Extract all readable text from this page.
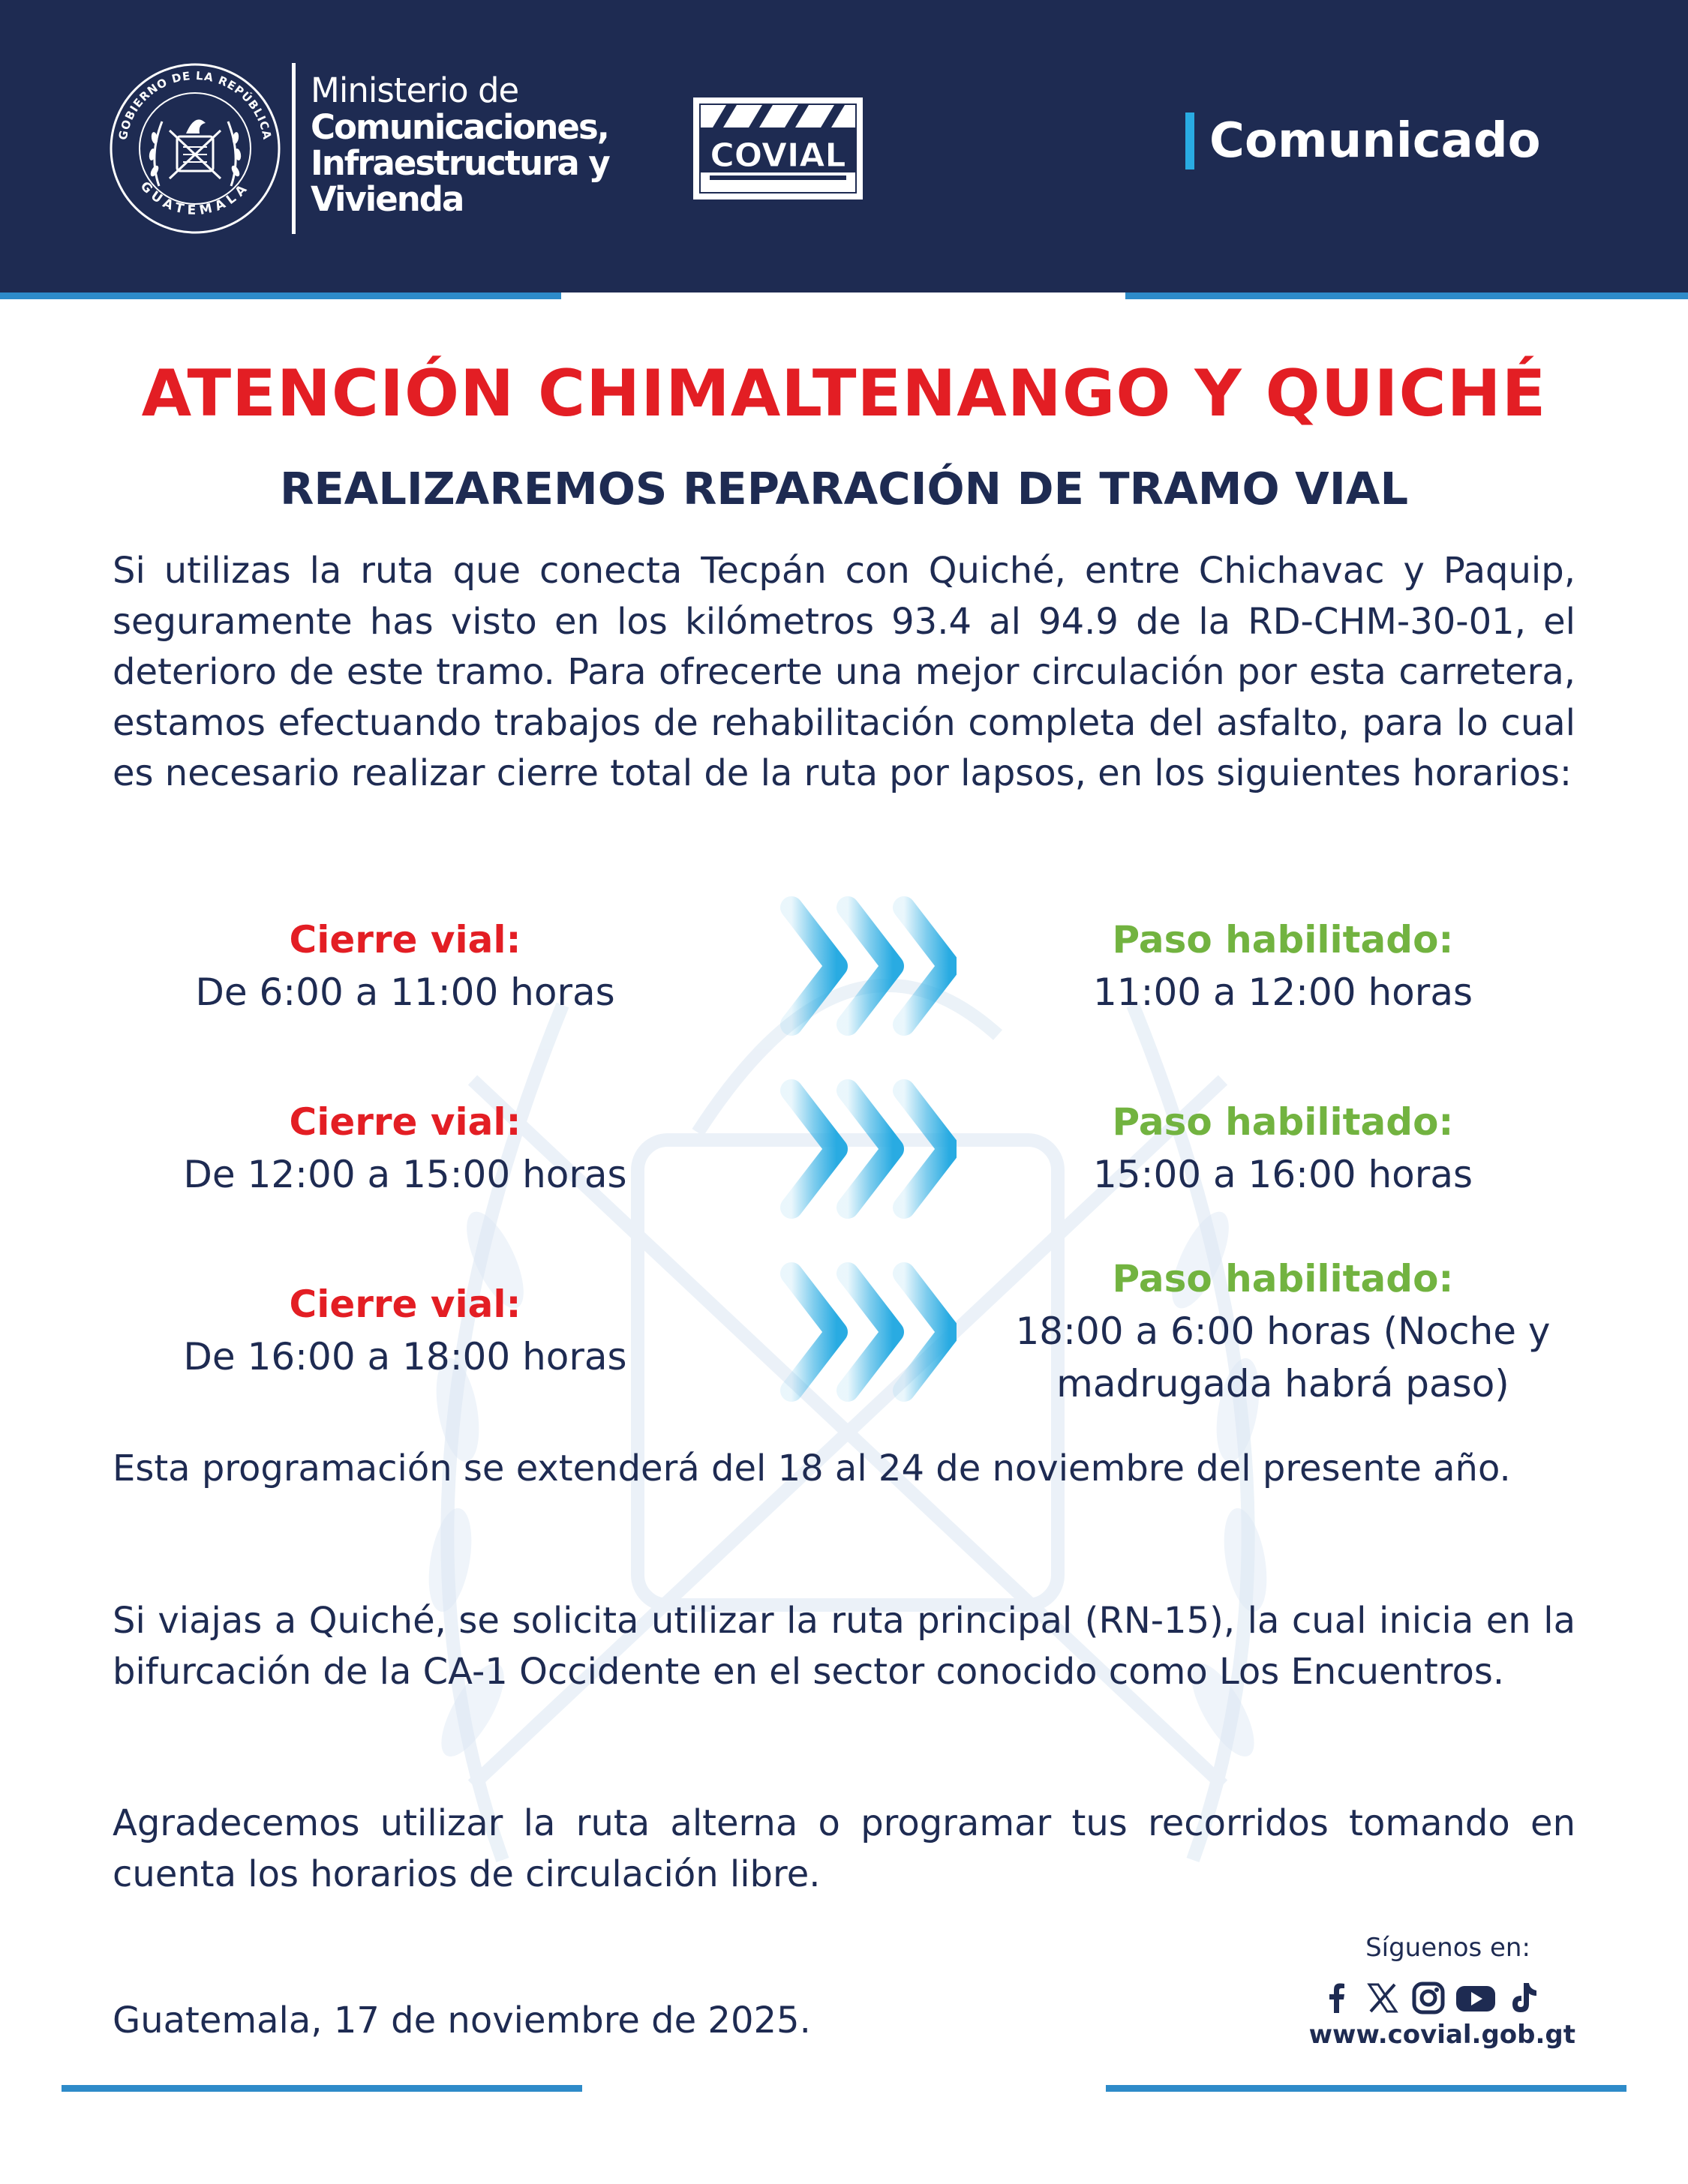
GOBIERNO DE LA REPÚBLICA
GUATEMALA
Ministerio de
Comunicaciones,
Infraestructura y
Vivienda
COVIAL	Comunicado
ATENCIÓN CHIMALTENANGO Y QUICHÉ
REALIZAREMOS REPARACIÓN DE TRAMO VIAL
Si utilizas la ruta que conecta Tecpán con Quiché, entre Chichavac y Paquip, seguramente has visto en los kilómetros 93.4 al 94.9 de la RD-CHM-30-01, el deterioro de este tramo. Para ofrecerte una mejor circulación por esta carretera, estamos efectuando trabajos de rehabilitación completa del asfalto, para lo cual es necesario realizar cierre total de la ruta por lapsos, en los siguientes horarios:
Cierre vial:
De 6:00 a 11:00 horas
Paso habilitado:
11:00 a 12:00 horas
Cierre vial:
De 12:00 a 15:00 horas
Paso habilitado:
15:00 a 16:00 horas
Cierre vial:
De 16:00 a 18:00 horas
Paso habilitado:
18:00 a 6:00 horas (Noche y
madrugada habrá paso)
Esta programación se extenderá del 18 al 24 de noviembre del presente año.
Si viajas a Quiché, se solicita utilizar la ruta principal (RN-15), la cual inicia en la bifurcación de la CA-1 Occidente en el sector conocido como Los Encuentros.
Agradecemos utilizar la ruta alterna o programar tus recorridos tomando en cuenta los horarios de circulación libre.
Guatemala, 17 de noviembre de 2025.
Síguenos en:

www.covial.gob.gt
